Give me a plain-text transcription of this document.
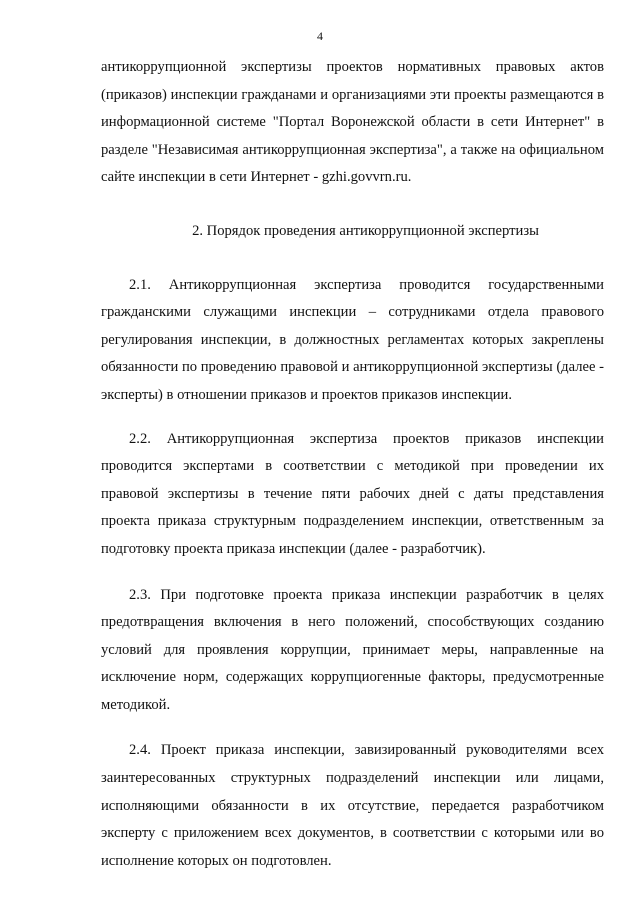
4

антикоррупционной экспертизы проектов нормативных правовых актов (приказов) инспекции гражданами и организациями эти проекты размещаются в информационной системе "Портал Воронежской области в сети Интернет" в разделе "Независимая антикоррупционная экспертиза", а также на официальном сайте инспекции в сети Интернет - gzhi.govvrn.ru.

2. Порядок проведения антикоррупционной экспертизы

2.1. Антикоррупционная экспертиза проводится государственными гражданскими служащими инспекции – сотрудниками отдела правового регулирования инспекции, в должностных регламентах которых закреплены обязанности по проведению правовой и антикоррупционной экспертизы (далее - эксперты) в отношении приказов и проектов приказов инспекции.

2.2. Антикоррупционная экспертиза проектов приказов инспекции проводится экспертами в соответствии с методикой при проведении их правовой экспертизы в течение пяти рабочих дней с даты представления проекта приказа структурным подразделением инспекции, ответственным за подготовку проекта приказа инспекции (далее - разработчик).

2.3. При подготовке проекта приказа инспекции разработчик в целях предотвращения включения в него положений, способствующих созданию условий для проявления коррупции, принимает меры, направленные на исключение норм, содержащих коррупциогенные факторы, предусмотренные методикой.

2.4. Проект приказа инспекции, завизированный руководителями всех заинтересованных структурных подразделений инспекции или лицами, исполняющими обязанности в их отсутствие, передается разработчиком эксперту с приложением всех документов, в соответствии с которыми или во исполнение которых он подготовлен.
